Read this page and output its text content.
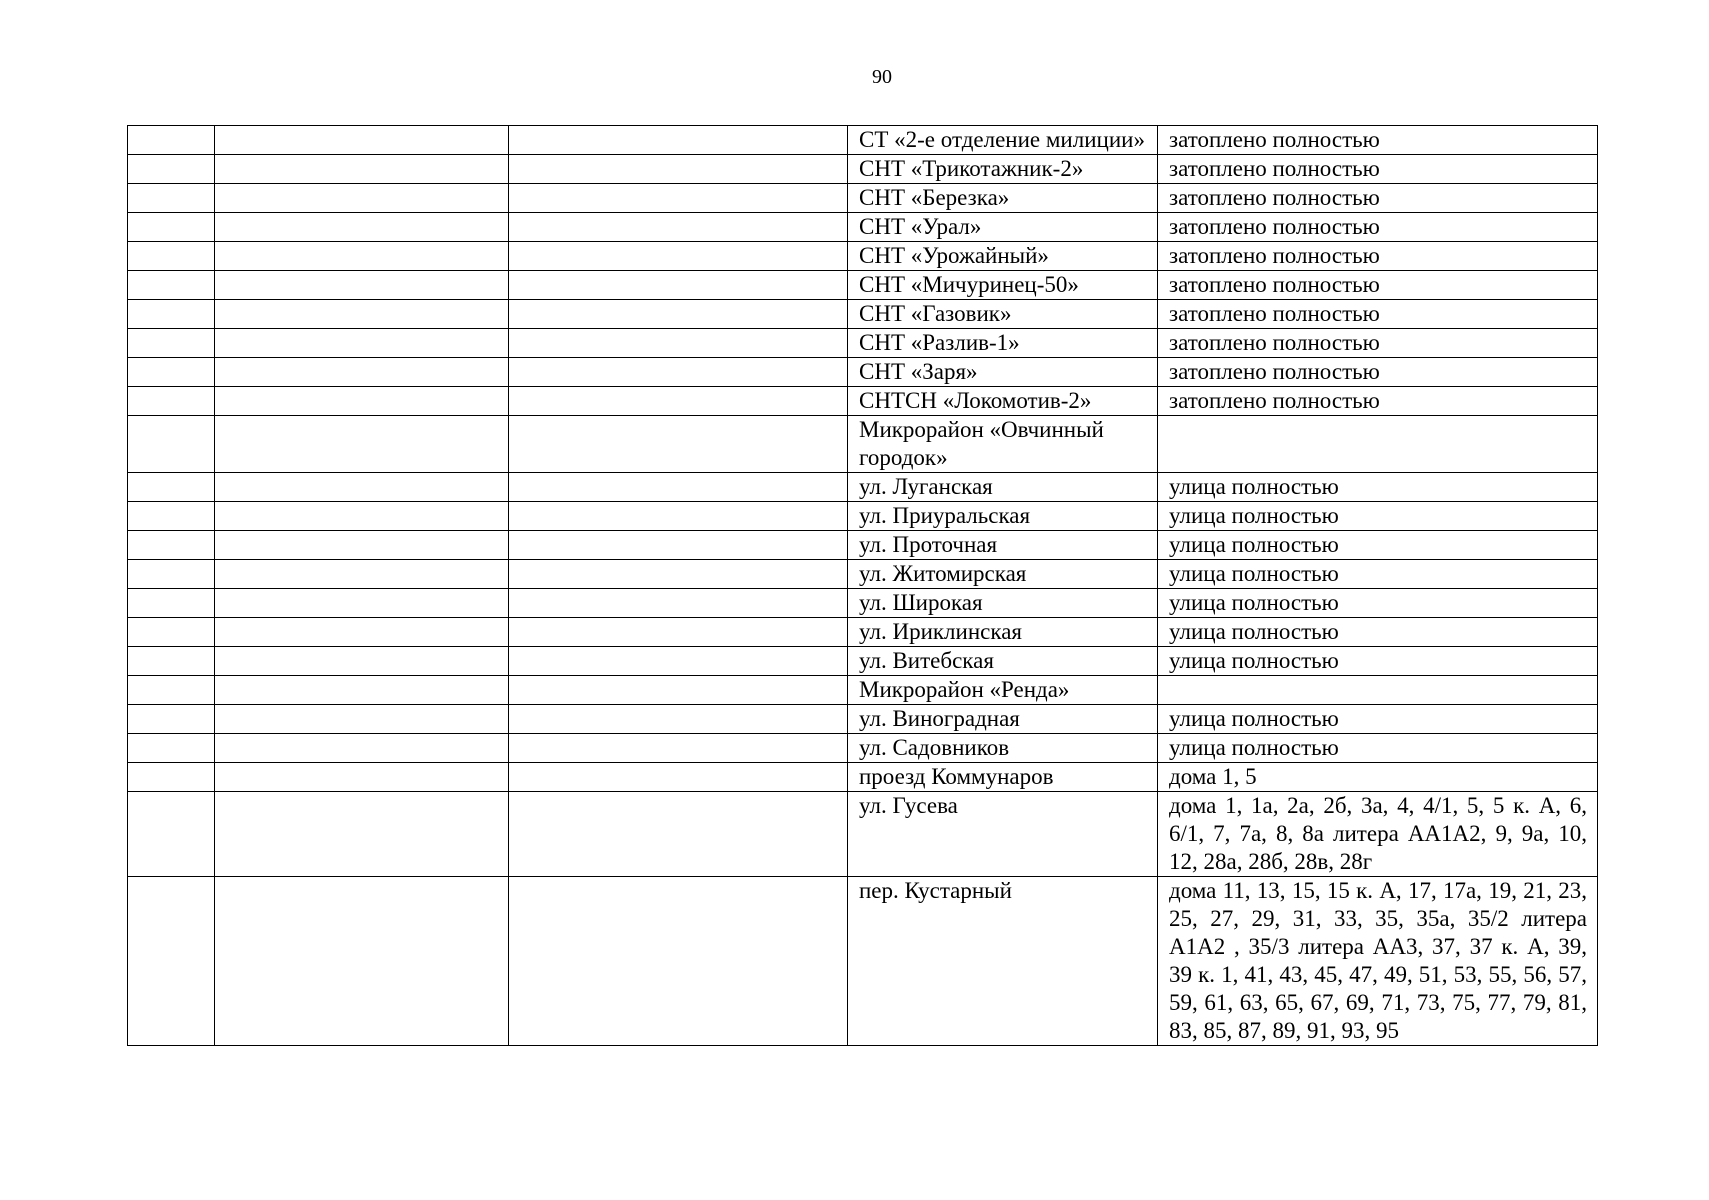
90
			СТ «2-е отделение милиции»	затоплено полностью
			СНТ «Трикотажник-2»	затоплено полностью
			СНТ «Березка»	затоплено полностью
			СНТ «Урал»	затоплено полностью
			СНТ «Урожайный»	затоплено полностью
			СНТ «Мичуринец-50»	затоплено полностью
			СНТ «Газовик»	затоплено полностью
			СНТ «Разлив-1»	затоплено полностью
			СНТ «Заря»	затоплено полностью
			СНТСН «Локомотив-2»	затоплено полностью
			Микрорайон «Овчинный городок»	
			ул. Луганская	улица полностью
			ул. Приуральская	улица полностью
			ул. Проточная	улица полностью
			ул. Житомирская	улица полностью
			ул. Широкая	улица полностью
			ул. Ириклинская	улица полностью
			ул. Витебская	улица полностью
			Микрорайон «Ренда»	
			ул. Виноградная	улица полностью
			ул. Садовников	улица полностью
			проезд Коммунаров	дома 1, 5
			ул. Гусева	дома 1, 1а, 2а, 2б, 3а, 4, 4/1, 5, 5 к. А, 6, 6/1, 7, 7а, 8, 8а литера АА1А2, 9, 9а, 10, 12, 28а, 28б, 28в, 28г
			пер. Кустарный	дома 11, 13, 15, 15 к. А, 17, 17а, 19, 21, 23, 25, 27, 29, 31, 33, 35, 35а, 35/2 литера А1А2 , 35/3 литера АА3, 37, 37 к. А, 39, 39 к. 1, 41, 43, 45, 47, 49, 51, 53, 55, 56, 57, 59, 61, 63, 65, 67, 69, 71, 73, 75, 77, 79, 81, 83, 85, 87, 89, 91, 93, 95
